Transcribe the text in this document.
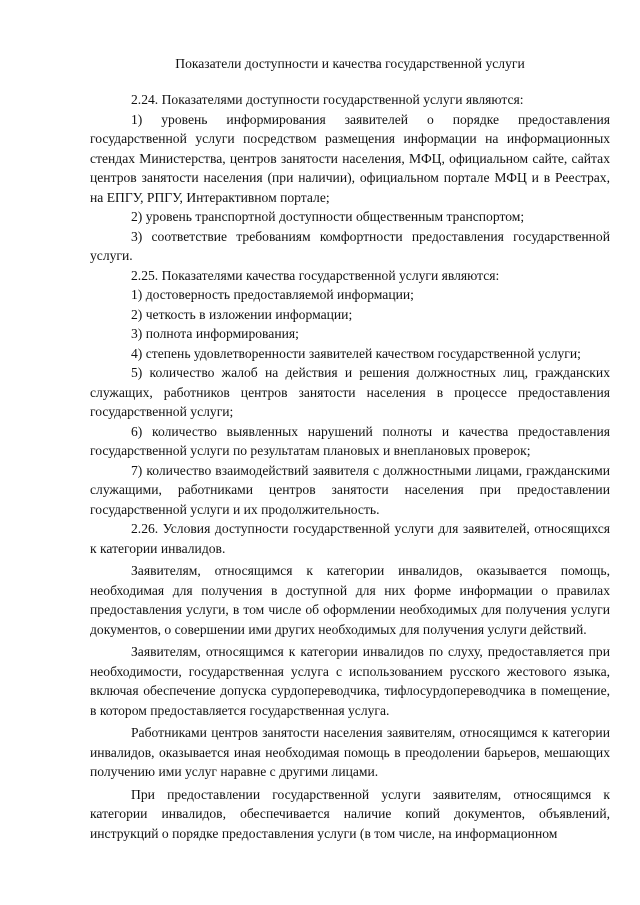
Показатели доступности и качества государственной услуги

2.24. Показателями доступности государственной услуги являются:

1) уровень информирования заявителей о порядке предоставления государственной услуги посредством размещения информации на информационных стендах Министерства, центров занятости населения, МФЦ, официальном сайте, сайтах центров занятости населения (при наличии), официальном портале МФЦ и в Реестрах, на ЕПГУ, РПГУ, Интерактивном портале;

2) уровень транспортной доступности общественным транспортом;

3) соответствие требованиям комфортности предоставления государственной услуги.

2.25. Показателями качества государственной услуги являются:

1) достоверность предоставляемой информации;

2) четкость в изложении информации;

3) полнота информирования;

4) степень удовлетворенности заявителей качеством государственной услуги;

5) количество жалоб на действия и решения должностных лиц, гражданских служащих, работников центров занятости населения в процессе предоставления государственной услуги;

6) количество выявленных нарушений полноты и качества предоставления государственной услуги по результатам плановых и внеплановых проверок;

7) количество взаимодействий заявителя с должностными лицами, гражданскими служащими, работниками центров занятости населения при предоставлении государственной услуги и их продолжительность.

2.26. Условия доступности государственной услуги для заявителей, относящихся к категории инвалидов.

Заявителям, относящимся к категории инвалидов, оказывается помощь, необходимая для получения в доступной для них форме информации о правилах предоставления услуги, в том числе об оформлении необходимых для получения услуги документов, о совершении ими других необходимых для получения услуги действий.

Заявителям, относящимся к категории инвалидов по слуху, предоставляется при необходимости, государственная услуга с использованием русского жестового языка, включая обеспечение допуска сурдопереводчика, тифлосурдопереводчика в помещение, в котором предоставляется государственная услуга.

Работниками центров занятости населения заявителям, относящимся к категории инвалидов, оказывается иная необходимая помощь в преодолении барьеров, мешающих получению ими услуг наравне с другими лицами.

При предоставлении государственной услуги заявителям, относящимся к категории инвалидов, обеспечивается наличие копий документов, объявлений, инструкций о порядке предоставления услуги (в том числе, на информационном
